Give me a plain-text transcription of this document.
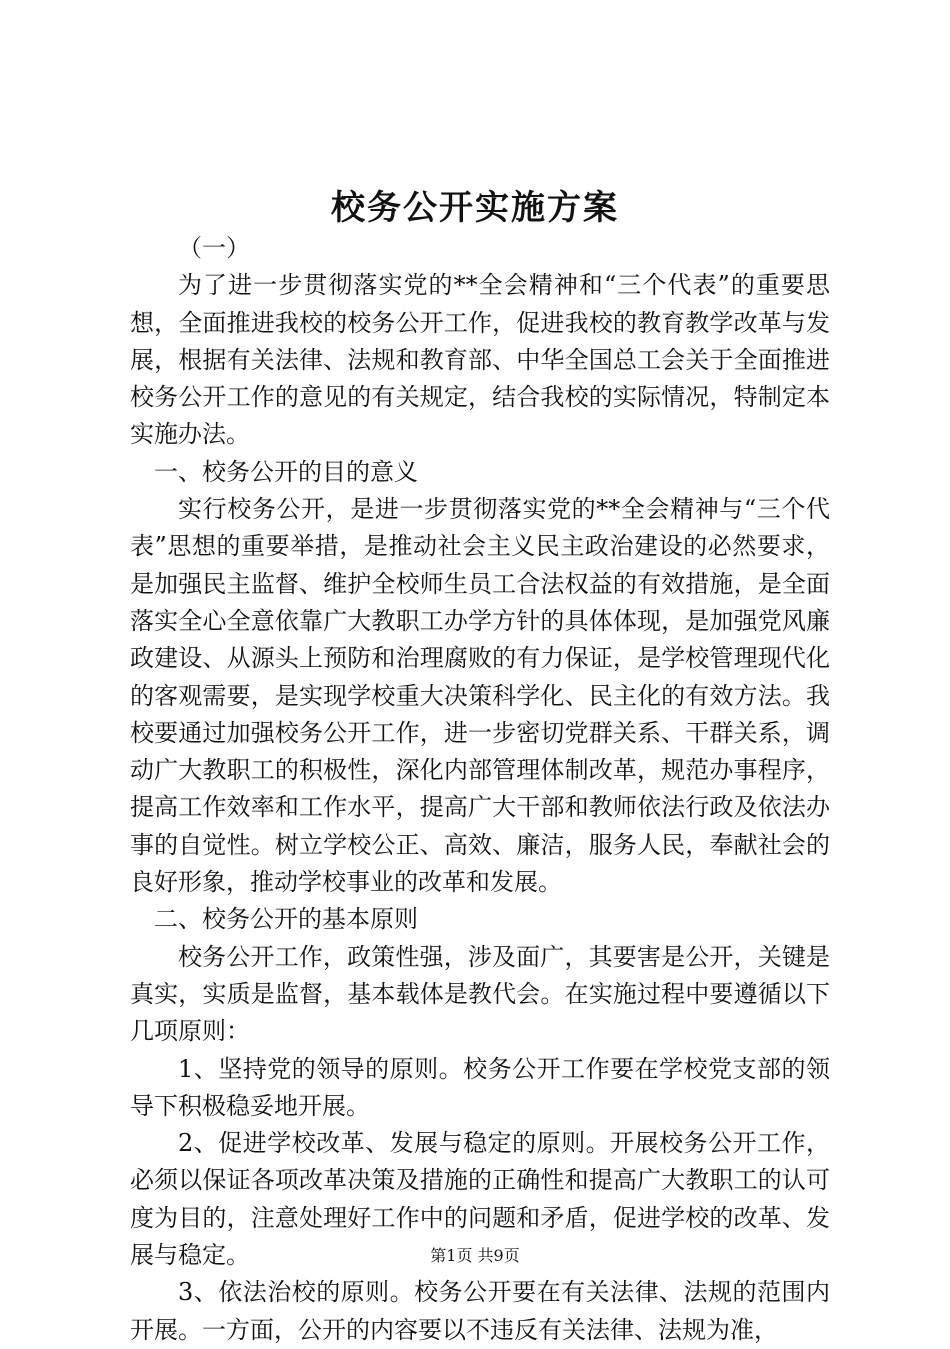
校务公开实施方案

（一）

为了进一步贯彻落实党的**全会精神和“三个代表”的重要思想，全面推进我校的校务公开工作，促进我校的教育教学改革与发展，根据有关法律、法规和教育部、中华全国总工会关于全面推进校务公开工作的意见的有关规定，结合我校的实际情况，特制定本实施办法。

一、校务公开的目的意义

实行校务公开，是进一步贯彻落实党的**全会精神与“三个代表”思想的重要举措，是推动社会主义民主政治建设的必然要求，是加强民主监督、维护全校师生员工合法权益的有效措施，是全面落实全心全意依靠广大教职工办学方针的具体体现，是加强党风廉政建设、从源头上预防和治理腐败的有力保证，是学校管理现代化的客观需要，是实现学校重大决策科学化、民主化的有效方法。我校要通过加强校务公开工作，进一步密切党群关系、干群关系，调动广大教职工的积极性，深化内部管理体制改革，规范办事程序，提高工作效率和工作水平，提高广大干部和教师依法行政及依法办事的自觉性。树立学校公正、高效、廉洁，服务人民，奉献社会的良好形象，推动学校事业的改革和发展。

二、校务公开的基本原则

校务公开工作，政策性强，涉及面广，其要害是公开，关键是真实，实质是监督，基本载体是教代会。在实施过程中要遵循以下几项原则：

1、坚持党的领导的原则。校务公开工作要在学校党支部的领导下积极稳妥地开展。

2、促进学校改革、发展与稳定的原则。开展校务公开工作，必须以保证各项改革决策及措施的正确性和提高广大教职工的认可度为目的，注意处理好工作中的问题和矛盾，促进学校的改革、发展与稳定。

3、依法治校的原则。校务公开要在有关法律、法规的范围内开展。一方面，公开的内容要以不违反有关法律、法规为准，

第1页 共9页
